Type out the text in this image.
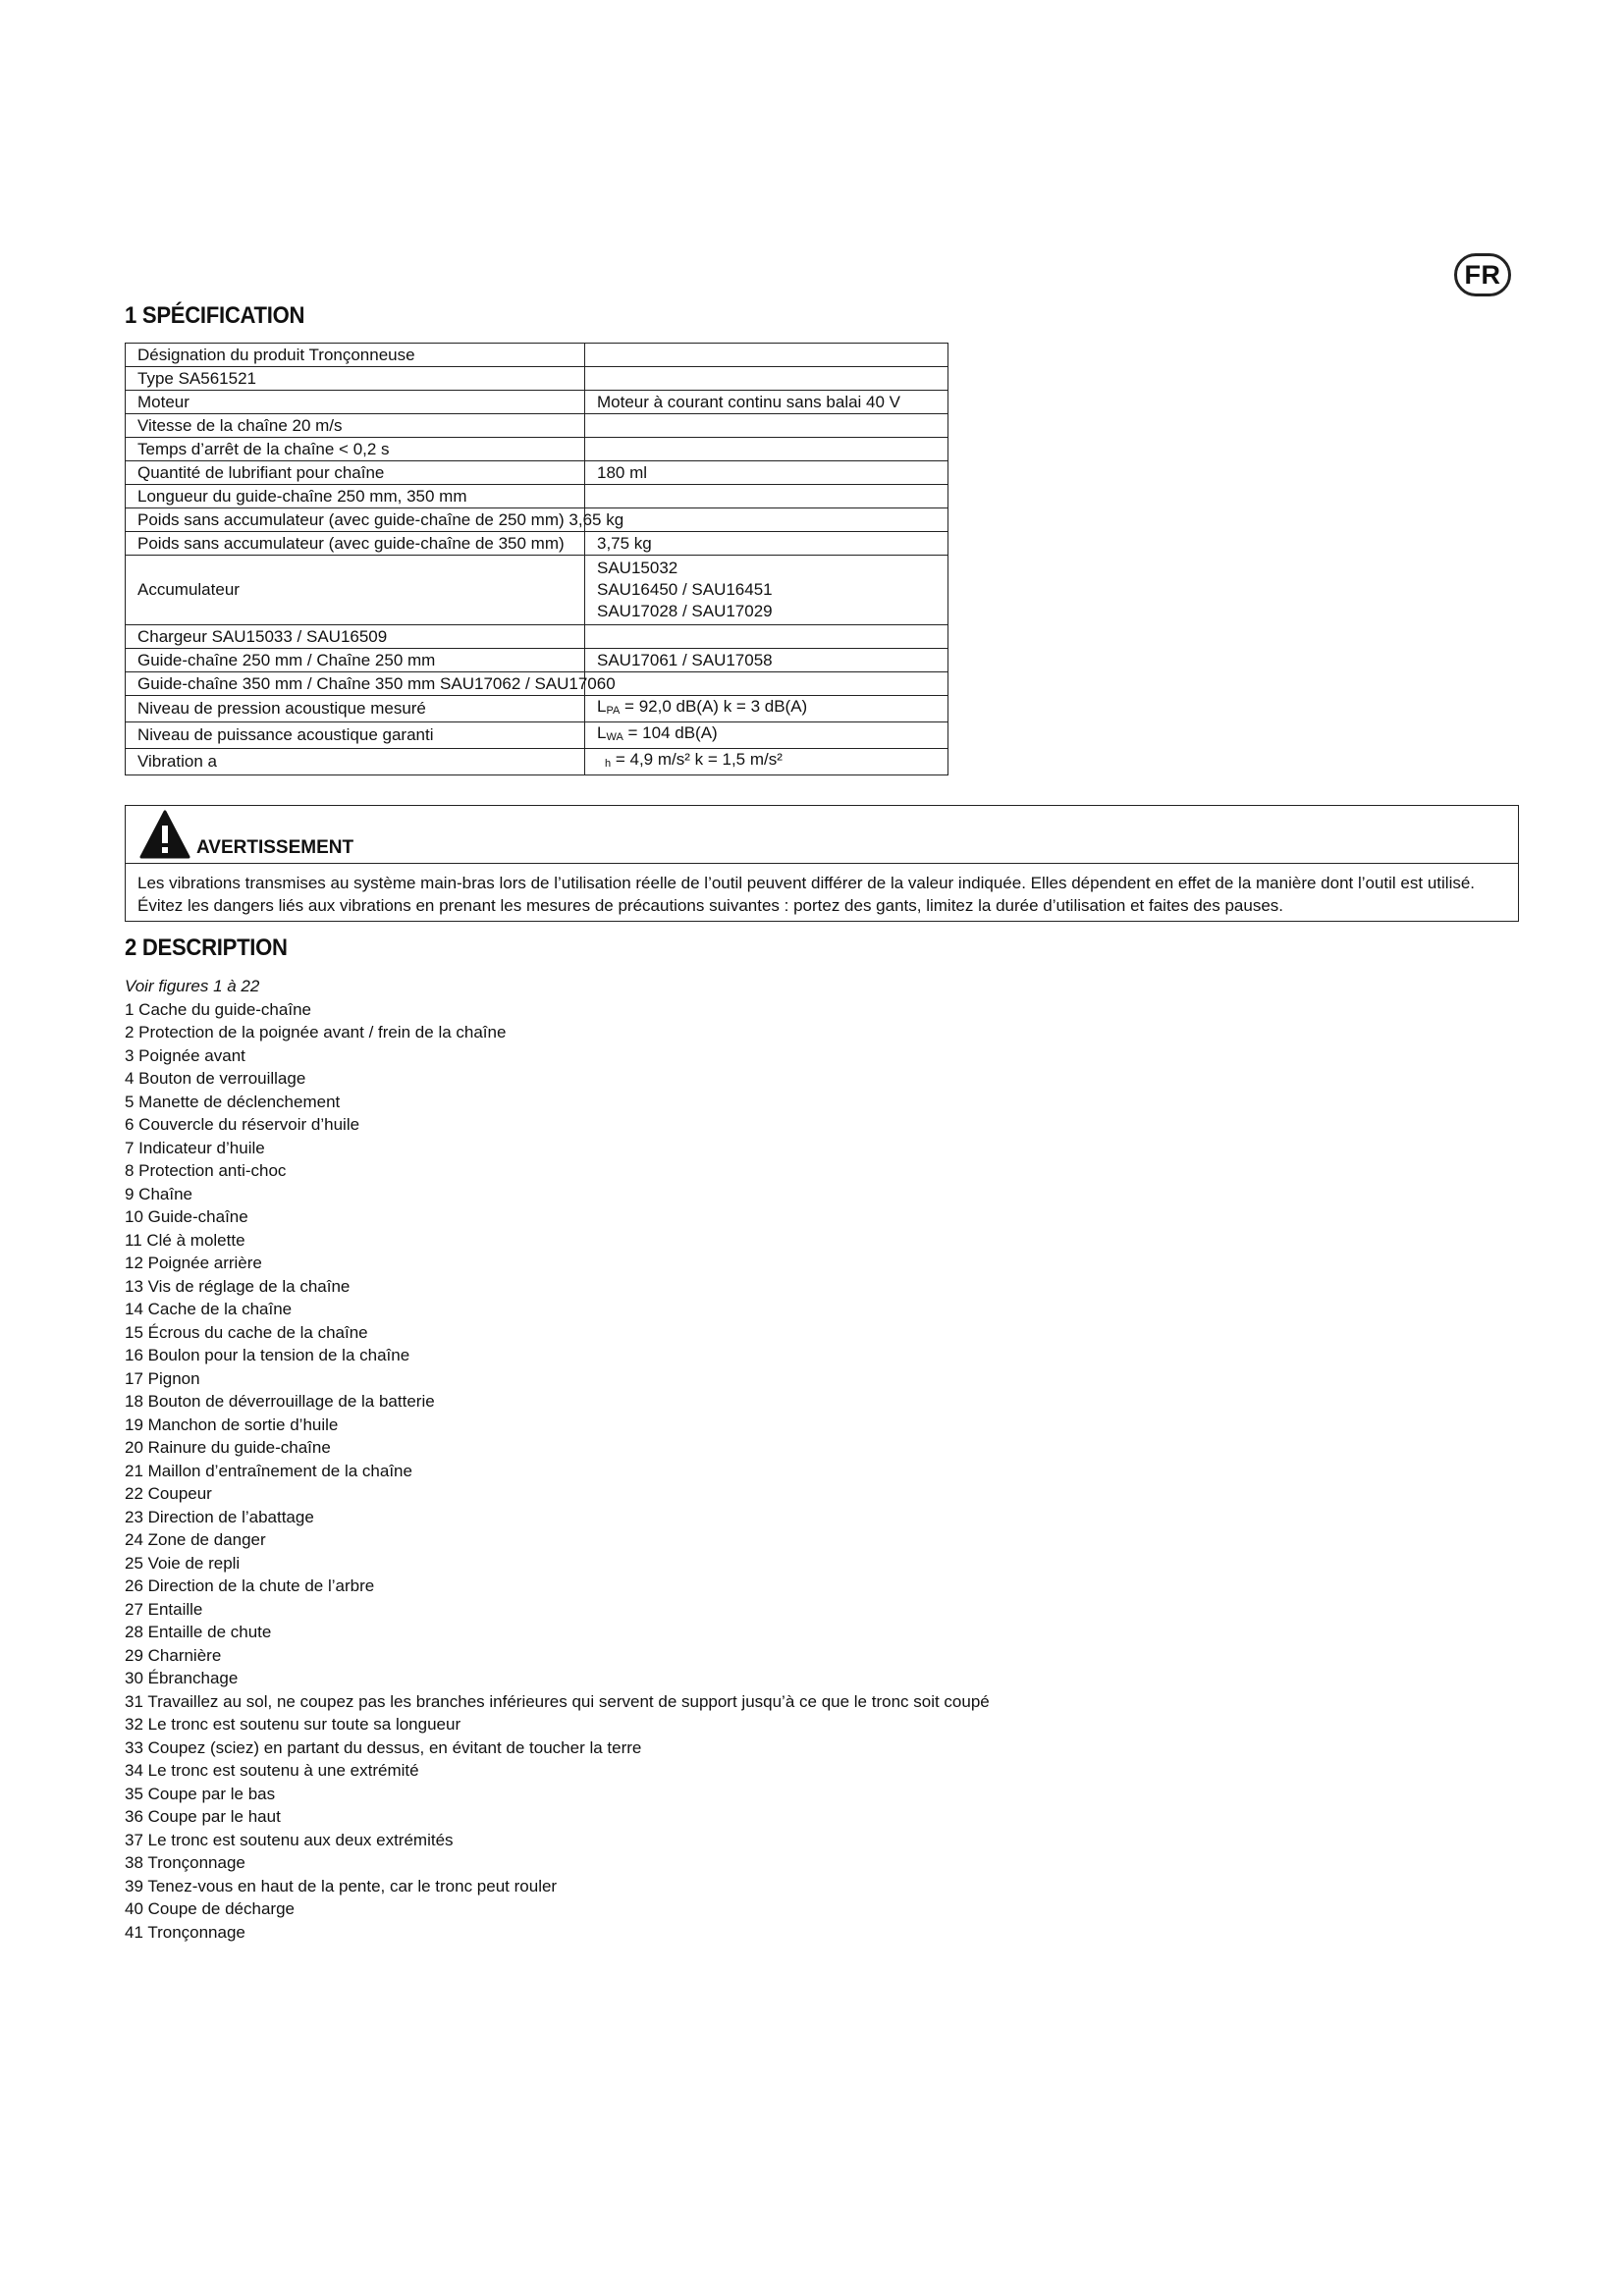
FR
1 SPÉCIFICATION
Désignation du produit Tronçonneuse	
Type SA561521	
Moteur	Moteur à courant continu sans balai 40 V
Vitesse de la chaîne 20 m/s	
Temps d’arrêt de la chaîne < 0,2 s	
Quantité de lubrifiant pour chaîne	180 ml
Longueur du guide-chaîne 250 mm, 350 mm	
Poids sans accumulateur (avec guide-chaîne de 250 mm) 3,65 kg	
Poids sans accumulateur (avec guide-chaîne de 350 mm)	3,75 kg
Accumulateur	SAU15032
SAU16450 / SAU16451
SAU17028 / SAU17029

Chargeur SAU15033 / SAU16509	
Guide-chaîne 250 mm / Chaîne 250 mm	SAU17061 / SAU17058
Guide-chaîne 350 mm / Chaîne 350 mm SAU17062 / SAU17060	
Niveau de pression acoustique mesuré	LPA = 92,0 dB(A) k = 3 dB(A)
Niveau de puissance acoustique garanti	LWA = 104 dB(A)
Vibration a	h = 4,9 m/s² k = 1,5 m/s²
AVERTISSEMENT
Les vibrations transmises au système main-bras lors de l’utilisation réelle de l’outil peuvent différer de la valeur indiquée. Elles dépendent en effet de la manière dont l’outil est utilisé.
Évitez les dangers liés aux vibrations en prenant les mesures de précautions suivantes : portez des gants, limitez la durée d’utilisation et faites des pauses.
2 DESCRIPTION
Voir figures 1 à 22
1 Cache du guide-chaîne
2 Protection de la poignée avant / frein de la chaîne
3 Poignée avant
4 Bouton de verrouillage
5 Manette de déclenchement
6 Couvercle du réservoir d’huile
7 Indicateur d’huile
8 Protection anti-choc
9 Chaîne
10 Guide-chaîne
11 Clé à molette
12 Poignée arrière
13 Vis de réglage de la chaîne
14 Cache de la chaîne
15 Écrous du cache de la chaîne
16 Boulon pour la tension de la chaîne
17 Pignon
18 Bouton de déverrouillage de la batterie
19 Manchon de sortie d’huile
20 Rainure du guide-chaîne
21 Maillon d’entraînement de la chaîne
22 Coupeur
23 Direction de l’abattage
24 Zone de danger
25 Voie de repli
26 Direction de la chute de l’arbre
27 Entaille
28 Entaille de chute
29 Charnière
30 Ébranchage
31 Travaillez au sol, ne coupez pas les branches inférieures qui servent de support jusqu’à ce que le tronc soit coupé
32 Le tronc est soutenu sur toute sa longueur
33 Coupez (sciez) en partant du dessus, en évitant de toucher la terre
34 Le tronc est soutenu à une extrémité
35 Coupe par le bas
36 Coupe par le haut
37 Le tronc est soutenu aux deux extrémités
38 Tronçonnage
39 Tenez-vous en haut de la pente, car le tronc peut rouler
40 Coupe de décharge
41 Tronçonnage
